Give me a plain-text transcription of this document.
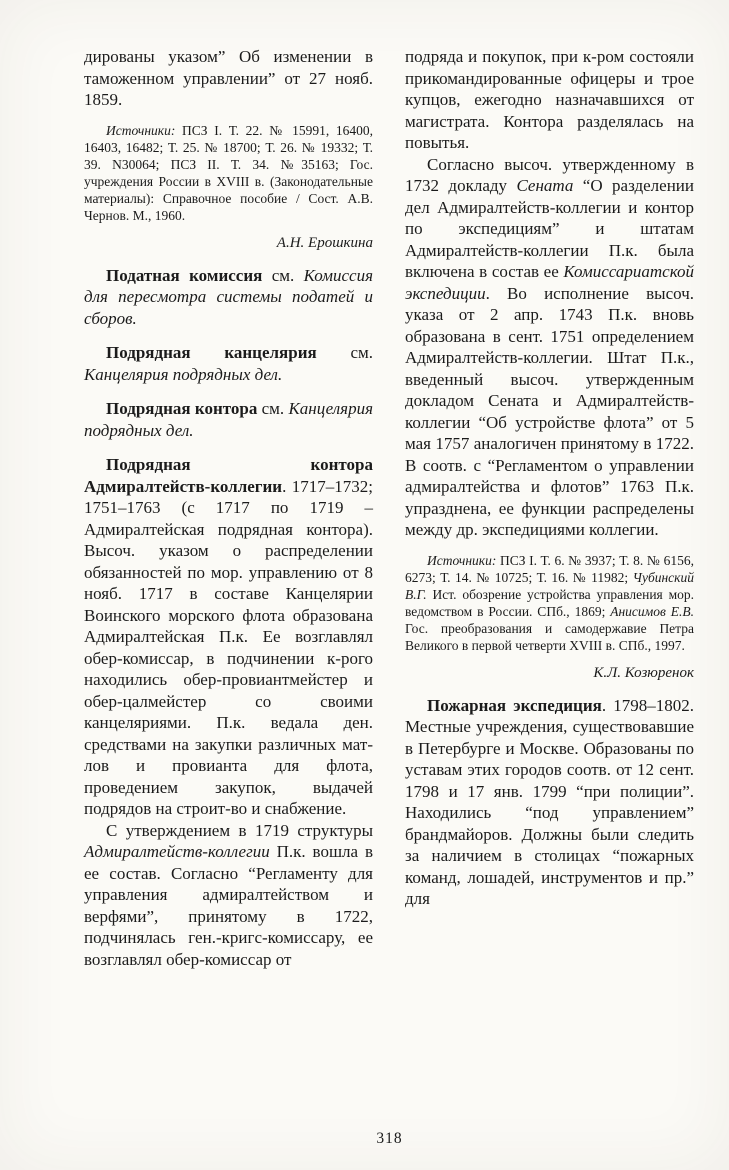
дированы указом” Об изменении в таможенном управлении” от 27 нояб. 1859.

Источники: ПСЗ I. Т. 22. № 15991, 16400, 16403, 16482; Т. 25. № 18700; Т. 26. № 19332; Т. 39. N30064; ПСЗ II. Т. 34. №35163; Гос. учреждения России в XVIII в. (Законодательные материалы): Справочное пособие / Сост. А.В. Чернов. М., 1960.

А.Н. Ерошкина

Податная комиссия см. Комиссия для пересмотра системы податей и сборов.

Подрядная канцелярия см. Канцелярия подрядных дел.

Подрядная контора см. Канцелярия подрядных дел.

Подрядная контора Адмиралтейств-коллегии. 1717–1732; 1751–1763 (с 1717 по 1719 – Адмиралтейская подрядная контора). Высоч. указом о распределении обязанностей по мор. управлению от 8 нояб. 1717 в составе Канцелярии Воинского морского флота образована Адмиралтейская П.к. Ее возглавлял обер-комиссар, в подчинении к-рого находились обер-провиантмейстер и обер-цалмейстер со своими канцеляриями. П.к. ведала ден. средствами на закупки различных мат-лов и провианта для флота, проведением закупок, выдачей подрядов на строит-во и снабжение.

С утверждением в 1719 структуры Адмиралтейств-коллегии П.к. вошла в ее состав. Согласно “Регламенту для управления адмиралтейством и верфями”, принятому в 1722, подчинялась ген.-кригс-комиссару, ее возглавлял обер-комиссар от

подряда и покупок, при к-ром состояли прикомандированные офицеры и трое купцов, ежегодно назначавшихся от магистрата. Контора разделялась на повытья.

Согласно высоч. утвержденному в 1732 докладу Сената “О разделении дел Адмиралтейств-коллегии и контор по экспедициям” и штатам Адмиралтейств-коллегии П.к. была включена в состав ее Комиссариатской экспедиции. Во исполнение высоч. указа от 2 апр. 1743 П.к. вновь образована в сент. 1751 определением Адмиралтейств-коллегии. Штат П.к., введенный высоч. утвержденным докладом Сената и Адмиралтейств-коллегии “Об устройстве флота” от 5 мая 1757 аналогичен принятому в 1722. В соотв. с “Регламентом о управлении адмиралтейства и флотов” 1763 П.к. упразднена, ее функции распределены между др. экспедициями коллегии.

Источники: ПСЗ I. Т. 6. № 3937; Т. 8. № 6156, 6273; Т. 14. № 10725; Т. 16. № 11982; Чубинский В.Г. Ист. обозрение устройства управления мор. ведомством в России. СПб., 1869; Анисимов Е.В. Гос. преобразования и самодержавие Петра Великого в первой четверти XVIII в. СПб., 1997.

К.Л. Козюренок

Пожарная экспедиция. 1798–1802. Местные учреждения, существовавшие в Петербурге и Москве. Образованы по уставам этих городов соотв. от 12 сент. 1798 и 17 янв. 1799 “при полиции”. Находились “под управлением” брандмайоров. Должны были следить за наличием в столицах “пожарных команд, лошадей, инструментов и пр.” для

318
